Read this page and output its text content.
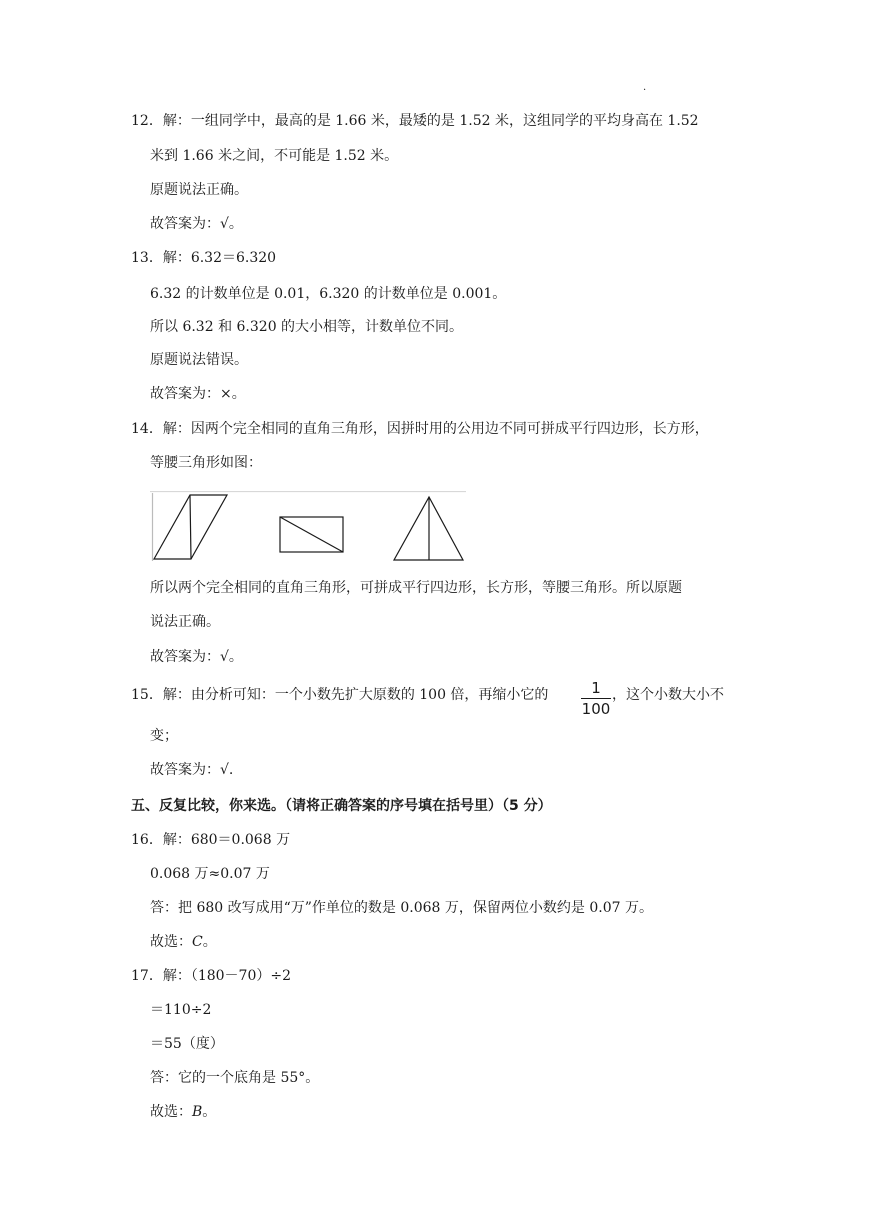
.
12．解：一组同学中，最高的是 1.66 米，最矮的是 1.52 米，这组同学的平均身高在 1.52
米到 1.66 米之间，不可能是 1.52 米。
原题说法正确。
故答案为：√。
13．解：6.32＝6.320
6.32 的计数单位是 0.01，6.320 的计数单位是 0.001。
所以 6.32 和 6.320 的大小相等，计数单位不同。
原题说法错误。
故答案为：×。
14．解：因两个完全相同的直角三角形，因拼时用的公用边不同可拼成平行四边形，长方形，
等腰三角形如图：
所以两个完全相同的直角三角形，可拼成平行四边形，长方形，等腰三角形。所以原题
说法正确。
故答案为：√。
15．解：由分析可知：一个小数先扩大原数的 100 倍，再缩小它的	1
100
，这个小数大小不
变；
故答案为：√.
五、反复比较，你来选。（请将正确答案的序号填在括号里）（5 分）
16．解：680＝0.068 万
0.068 万≈0.07 万
答：把 680 改写成用“万”作单位的数是 0.068 万，保留两位小数约是 0.07 万。
故选：C。
17．解：（180－70）÷2
＝110÷2
＝55（度）
答：它的一个底角是 55°。
故选：B。
